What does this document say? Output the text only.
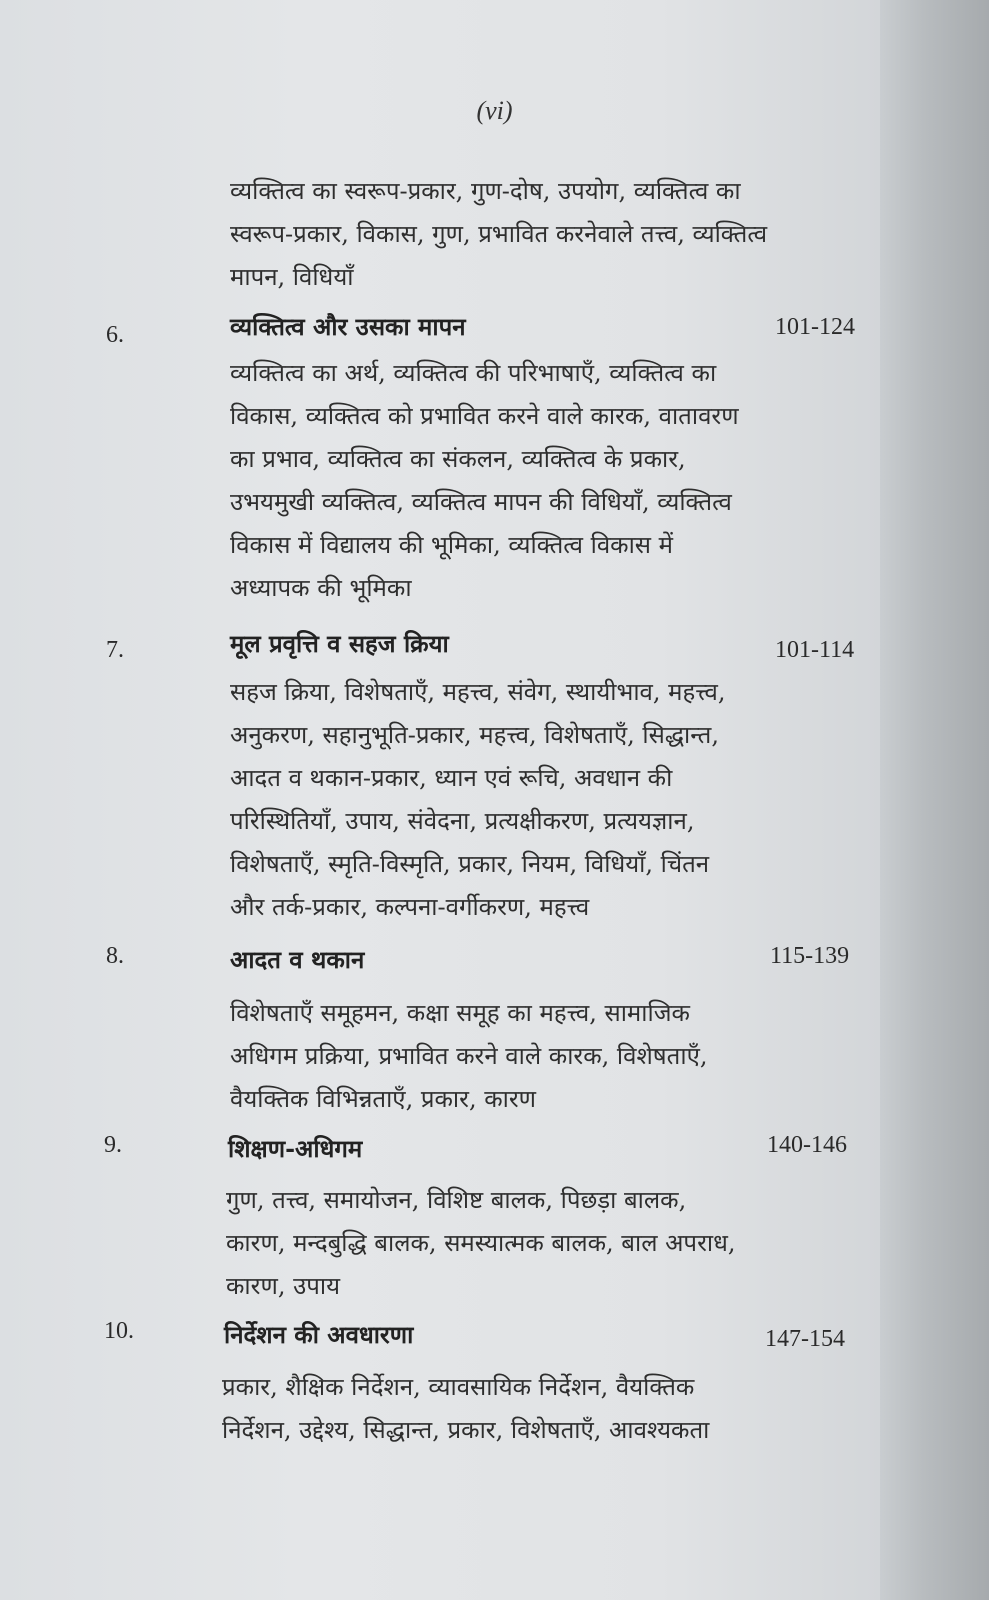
(vi)
व्यक्तित्व का स्वरूप-प्रकार, गुण-दोष, उपयोग, व्यक्तित्व का स्वरूप-प्रकार, विकास, गुण, प्रभावित करनेवाले तत्त्व, व्यक्तित्व मापन, विधियाँ
6.	व्यक्तित्व और उसका मापन	101-124
व्यक्तित्व का अर्थ, व्यक्तित्व की परिभाषाएँ, व्यक्तित्व का विकास, व्यक्तित्व को प्रभावित करने वाले कारक, वातावरण का प्रभाव, व्यक्तित्व का संकलन, व्यक्तित्व के प्रकार, उभयमुखी व्यक्तित्व, व्यक्तित्व मापन की विधियाँ, व्यक्तित्व विकास में विद्यालय की भूमिका, व्यक्तित्व विकास में अध्यापक की भूमिका
7.	मूल प्रवृत्ति व सहज क्रिया	101-114
सहज क्रिया, विशेषताएँ, महत्त्व, संवेग, स्थायीभाव, महत्त्व, अनुकरण, सहानुभूति-प्रकार, महत्त्व, विशेषताएँ, सिद्धान्त, आदत व थकान-प्रकार, ध्यान एवं रूचि, अवधान की परिस्थितियाँ, उपाय, संवेदना, प्रत्यक्षीकरण, प्रत्ययज्ञान, विशेषताएँ, स्मृति-विस्मृति, प्रकार, नियम, विधियाँ, चिंतन और तर्क-प्रकार, कल्पना-वर्गीकरण, महत्त्व
8.	आदत व थकान	115-139
विशेषताएँ समूहमन, कक्षा समूह का महत्त्व, सामाजिक अधिगम प्रक्रिया, प्रभावित करने वाले कारक, विशेषताएँ, वैयक्तिक विभिन्नताएँ, प्रकार, कारण
9.	शिक्षण-अधिगम	140-146
गुण, तत्त्व, समायोजन, विशिष्ट बालक, पिछड़ा बालक, कारण, मन्दबुद्धि बालक, समस्यात्मक बालक, बाल अपराध, कारण, उपाय
10.	निर्देशन की अवधारणा	147-154
प्रकार, शैक्षिक निर्देशन, व्यावसायिक निर्देशन, वैयक्तिक निर्देशन, उद्देश्य, सिद्धान्त, प्रकार, विशेषताएँ, आवश्यकता
